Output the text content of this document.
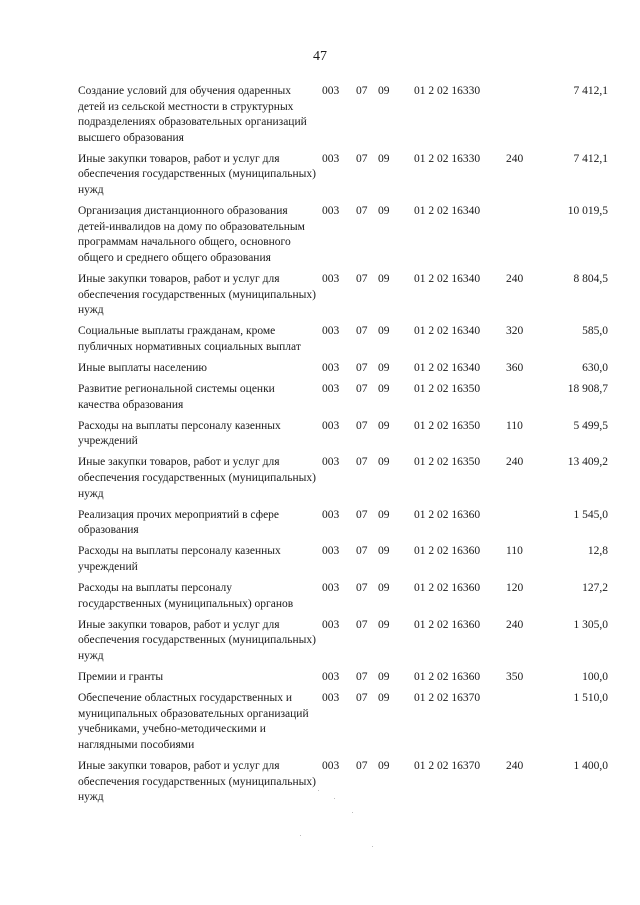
47
Создание условий для обучения одаренных детей из сельской местности в структурных подразделениях образовательных организаций высшего образования	003	07	09	01 2 02 16330		7 412,1
Иные закупки товаров, работ и услуг для обеспечения государственных (муниципальных) нужд	003	07	09	01 2 02 16330	240	7 412,1
Организация дистанционного образования детей-инвалидов на дому по образовательным программам начального общего, основного общего и среднего общего образования	003	07	09	01 2 02 16340		10 019,5
Иные закупки товаров, работ и услуг для обеспечения государственных (муниципальных) нужд	003	07	09	01 2 02 16340	240	8 804,5
Социальные выплаты гражданам, кроме публичных нормативных социальных выплат	003	07	09	01 2 02 16340	320	585,0
Иные выплаты населению	003	07	09	01 2 02 16340	360	630,0
Развитие региональной системы оценки качества образования	003	07	09	01 2 02 16350		18 908,7
Расходы на выплаты персоналу казенных учреждений	003	07	09	01 2 02 16350	110	5 499,5
Иные закупки товаров, работ и услуг для обеспечения государственных (муниципальных) нужд	003	07	09	01 2 02 16350	240	13 409,2
Реализация прочих мероприятий в сфере образования	003	07	09	01 2 02 16360		1 545,0
Расходы на выплаты персоналу казенных учреждений	003	07	09	01 2 02 16360	110	12,8
Расходы на выплаты персоналу государственных (муниципальных) органов	003	07	09	01 2 02 16360	120	127,2
Иные закупки товаров, работ и услуг для обеспечения государственных (муниципальных) нужд	003	07	09	01 2 02 16360	240	1 305,0
Премии и гранты	003	07	09	01 2 02 16360	350	100,0
Обеспечение областных государственных и муниципальных образовательных организаций учебниками, учебно-методическими и наглядными пособиями	003	07	09	01 2 02 16370		1 510,0
Иные закупки товаров, работ и услуг для обеспечения государственных (муниципальных) нужд	003	07	09	01 2 02 16370	240	1 400,0
